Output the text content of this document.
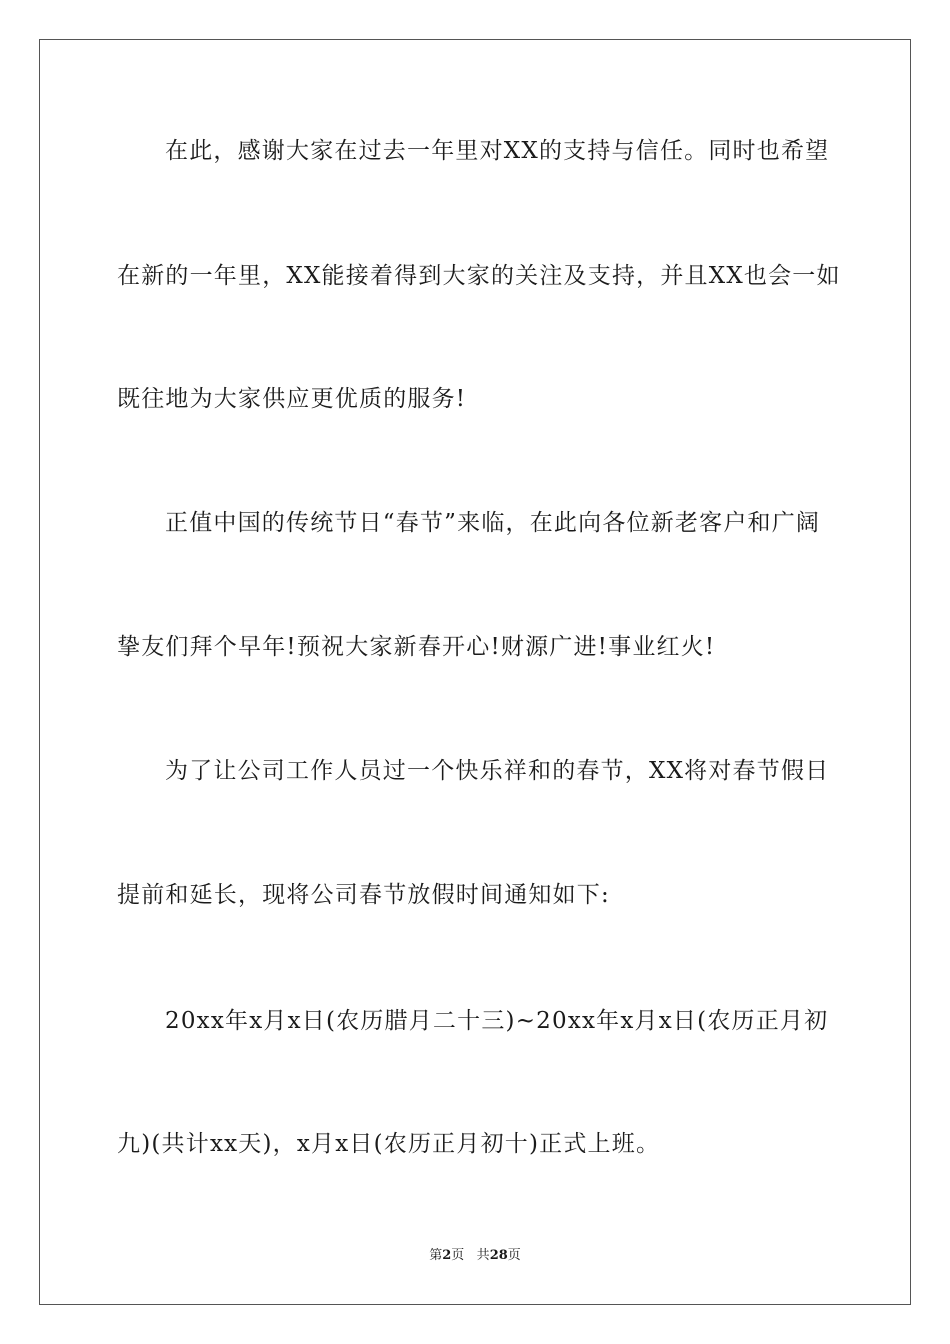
在此，感谢大家在过去一年里对XX的支持与信任。同时也希望
在新的一年里，XX能接着得到大家的关注及支持，并且XX也会一如
既往地为大家供应更优质的服务!
正值中国的传统节日“春节”来临，在此向各位新老客户和广阔
挚友们拜个早年!预祝大家新春开心!财源广进!事业红火!
为了让公司工作人员过一个快乐祥和的春节，XX将对春节假日
提前和延长，现将公司春节放假时间通知如下:
20xx年x月x日(农历腊月二十三)~20xx年x月x日(农历正月初
九)(共计xx天)，x月x日(农历正月初十)正式上班。
第2页 共28页
